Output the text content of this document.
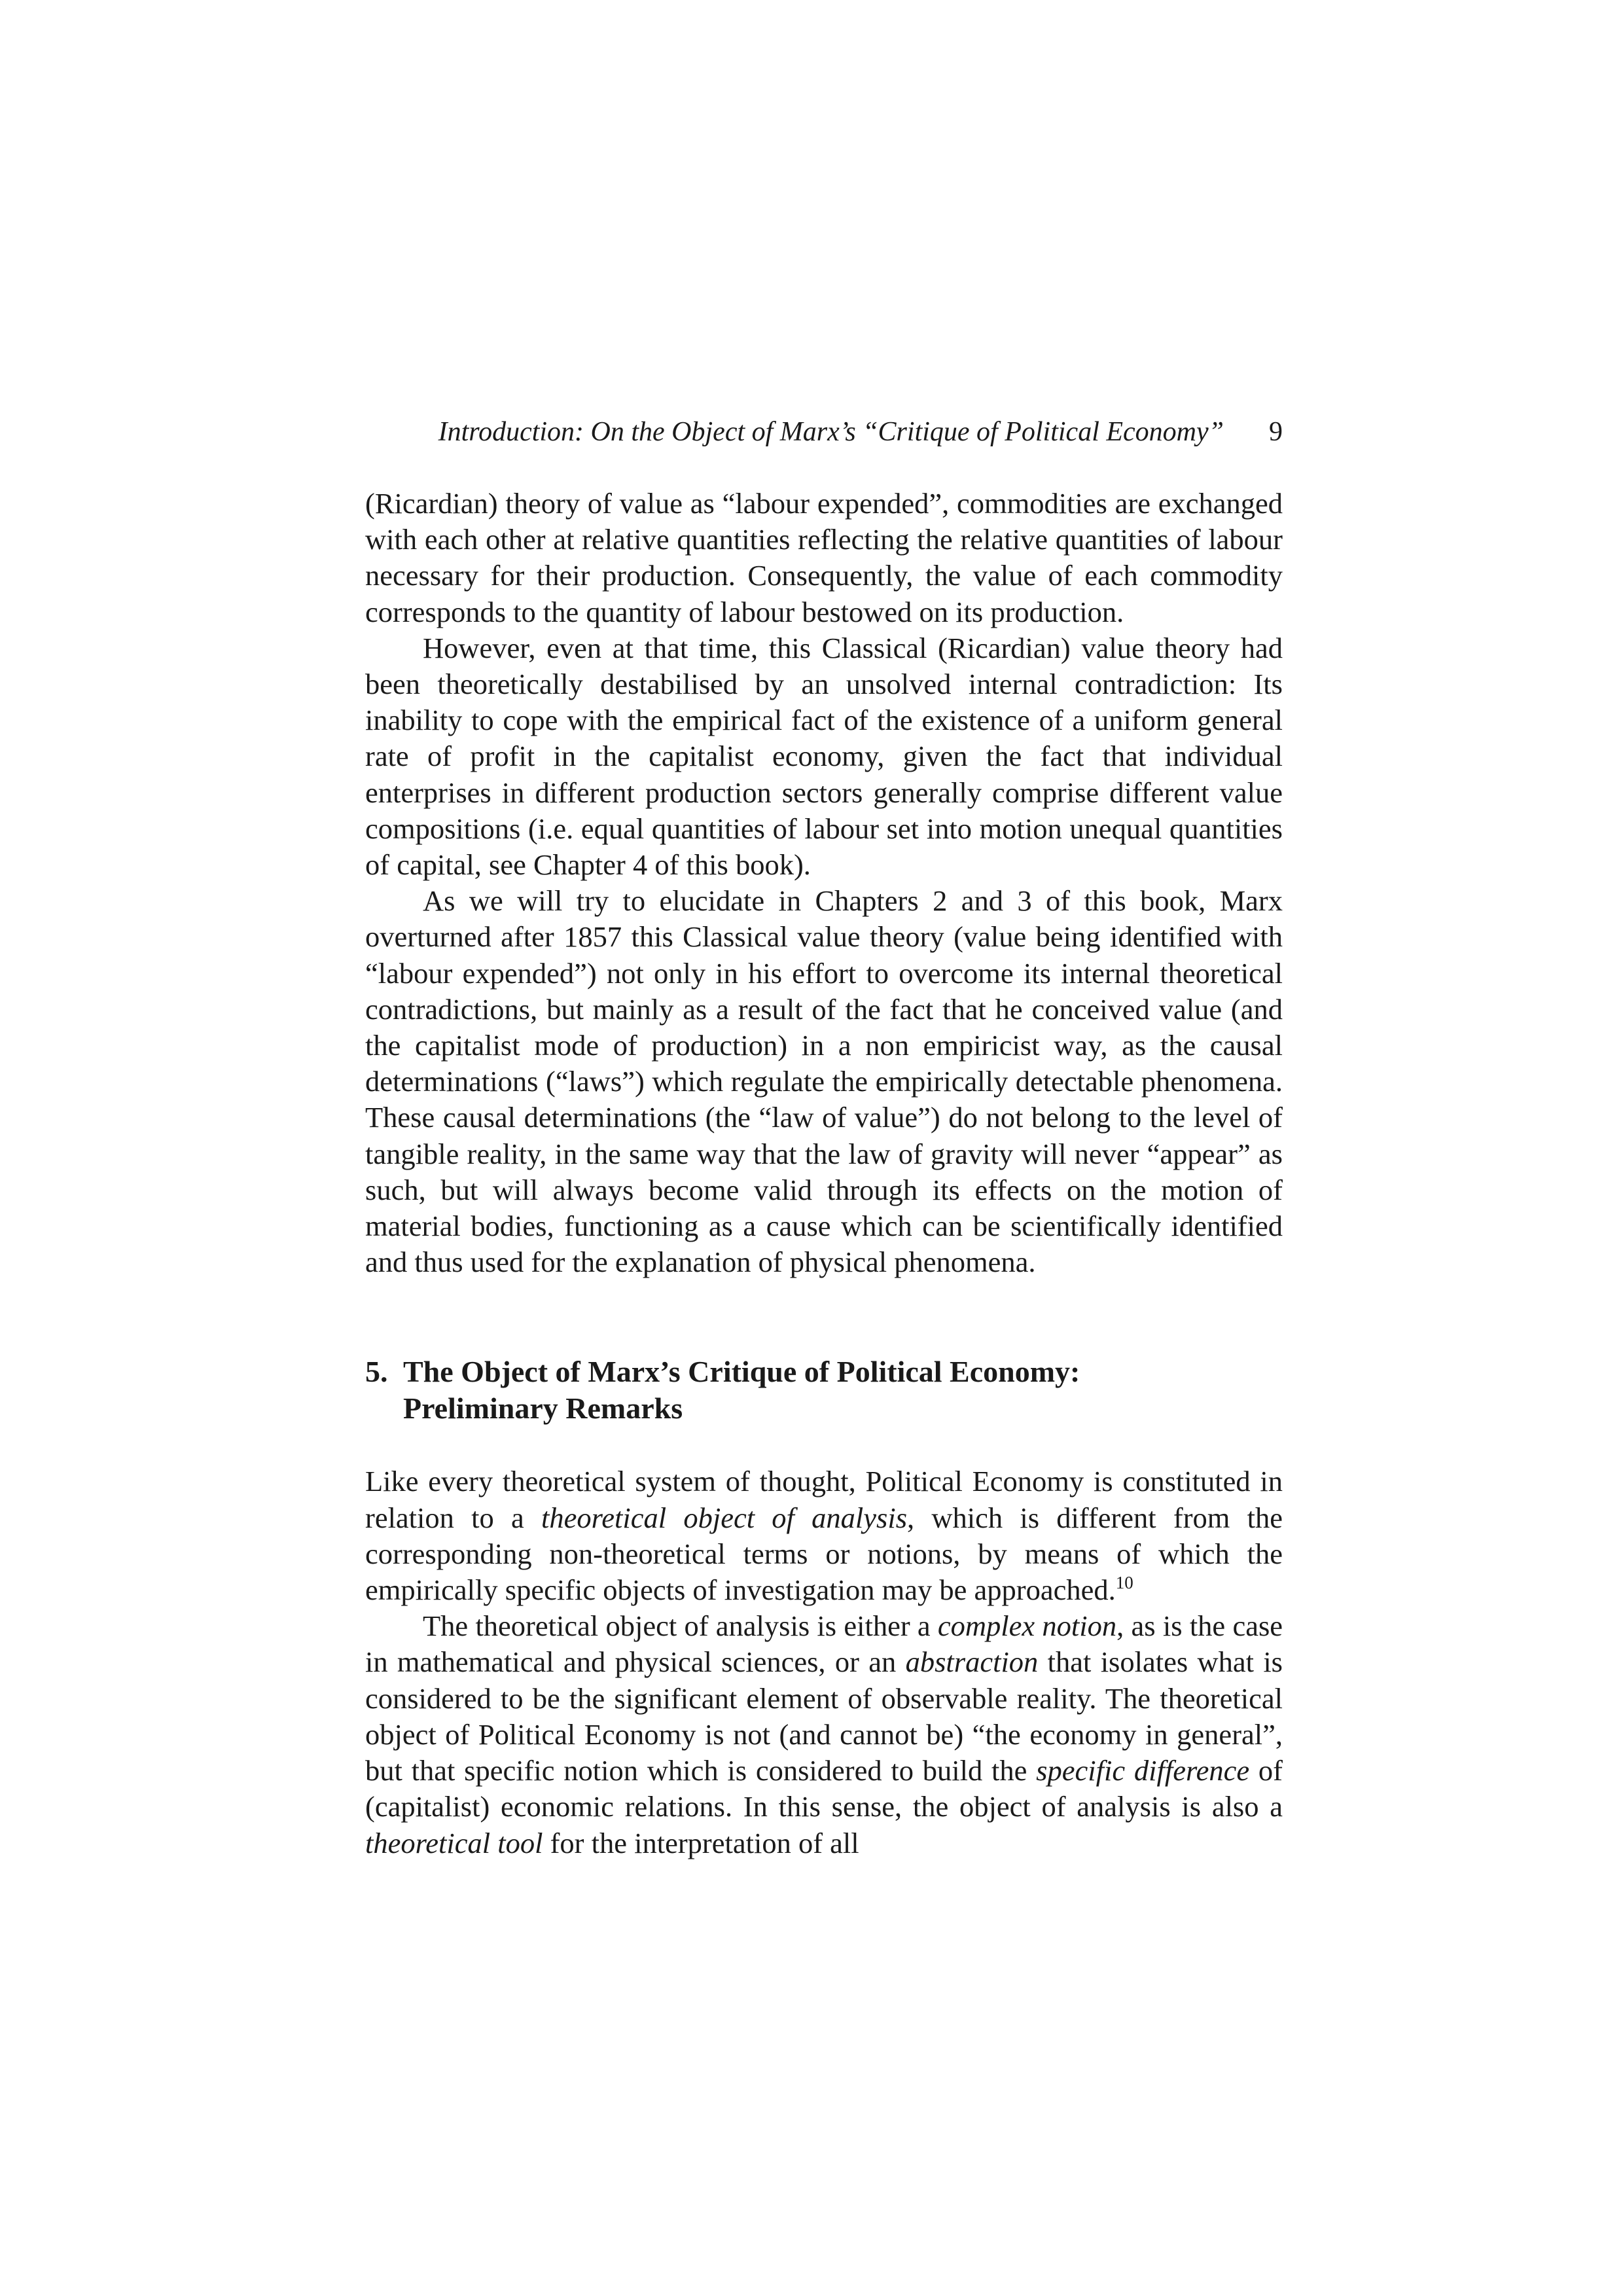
Introduction: On the Object of Marx’s “Critique of Political Economy” 9

(Ricardian) theory of value as “labour expended”, commodities are exchanged with each other at relative quantities reflecting the relative quantities of labour necessary for their production. Consequently, the value of each commodity corresponds to the quantity of labour bestowed on its production.

However, even at that time, this Classical (Ricardian) value theory had been theoretically destabilised by an unsolved internal contradiction: Its inability to cope with the empirical fact of the existence of a uniform general rate of profit in the capitalist economy, given the fact that individual enterprises in different production sectors generally comprise different value compositions (i.e. equal quantities of labour set into motion unequal quantities of capital, see Chapter 4 of this book).

As we will try to elucidate in Chapters 2 and 3 of this book, Marx overturned after 1857 this Classical value theory (value being identified with “labour expended”) not only in his effort to overcome its internal theoretical contradictions, but mainly as a result of the fact that he conceived value (and the capitalist mode of production) in a non empiricist way, as the causal determinations (“laws”) which regulate the empirically detectable phenomena. These causal determinations (the “law of value”) do not belong to the level of tangible reality, in the same way that the law of gravity will never “appear” as such, but will always become valid through its effects on the motion of material bodies, functioning as a cause which can be scientifically identified and thus used for the explanation of physical phenomena.

5. The Object of Marx’s Critique of Political Economy:
Preliminary Remarks

Like every theoretical system of thought, Political Economy is constituted in relation to a theoretical object of analysis, which is different from the corresponding non-theoretical terms or notions, by means of which the empirically specific objects of investigation may be approached.$^{10}$

The theoretical object of analysis is either a complex notion, as is the case in mathematical and physical sciences, or an abstraction that isolates what is considered to be the significant element of observable reality. The theoretical object of Political Economy is not (and cannot be) “the economy in general”, but that specific notion which is considered to build the specific difference of (capitalist) economic relations. In this sense, the object of analysis is also a theoretical tool for the interpretation of all
